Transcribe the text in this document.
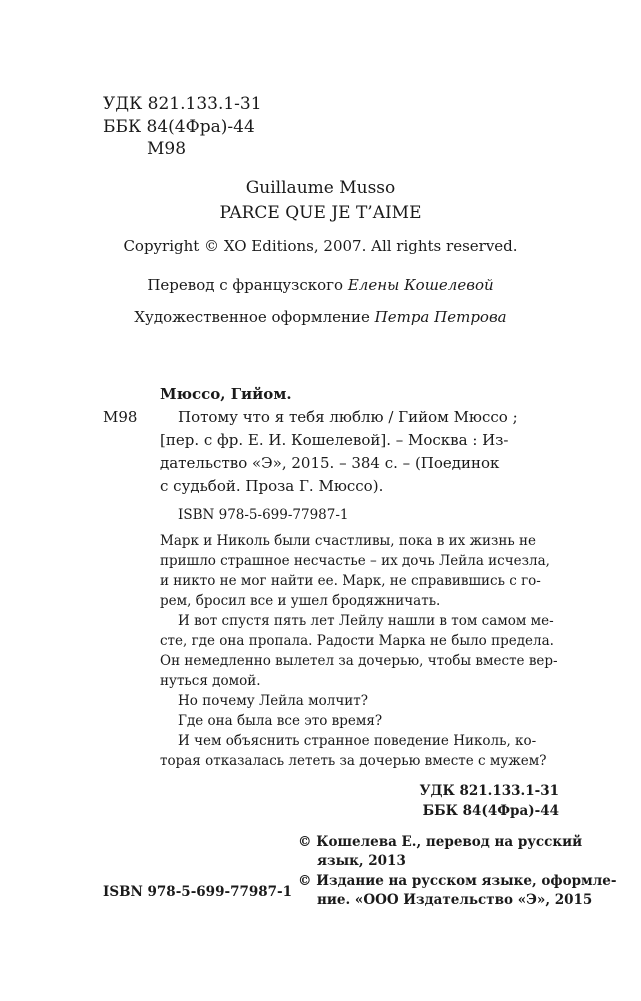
УДК 821.133.1-31
ББК 84(4Фра)-44
М98
Guillaume Musso
PARCE QUE JE T’AIME
Copyright © XO Editions, 2007. All rights reserved.
Перевод с французского Елены Кошелевой
Художественное оформление Петра Петрова
Мюссо, Гийом.
М98	Потому что я тебя люблю / Гийом Мюссо ;
[пер. с фр. Е. И. Кошелевой]. – Москва : Из-
дательство «Э», 2015. – 384 с. – (Поединок
с судьбой. Проза Г. Мюссо).
ISBN 978-5-699-77987-1
Марк и Николь были счастливы, пока в их жизнь не
пришло страшное несчастье – их дочь Лейла исчезла,
и никто не мог найти ее. Марк, не справившись с го-
рем, бросил все и ушел бродяжничать.
И вот спустя пять лет Лейлу нашли в том самом ме-
сте, где она пропала. Радости Марка не было предела.
Он немедленно вылетел за дочерью, чтобы вместе вер-
нуться домой.
Но почему Лейла молчит?
Где она была все это время?
И чем объяснить странное поведение Николь, ко-
торая отказалась лететь за дочерью вместе с мужем?
УДК 821.133.1-31
ББК 84(4Фра)-44
© Кошелева Е., перевод на русский
язык, 2013
© Издание на русском языке, оформле-
ние. «ООО Издательство «Э», 2015
ISBN 978-5-699-77987-1
